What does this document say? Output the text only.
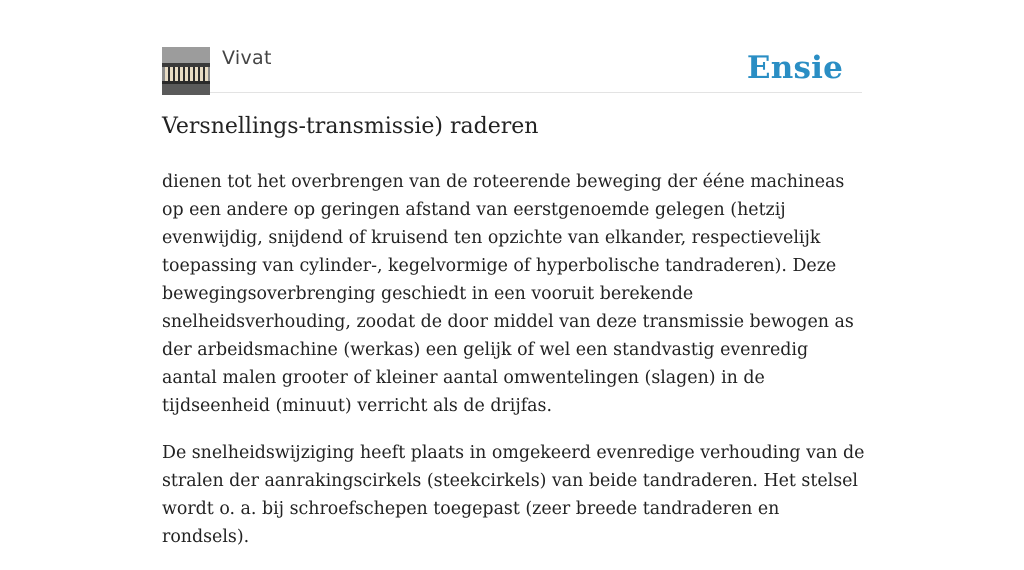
Vivat	Ensie
Versnellings-transmissie) raderen

dienen tot het overbrengen van de roteerende beweging der ééne machineas op een andere op geringen afstand van eerstgenoemde gelegen (hetzij evenwijdig, snijdend of kruisend ten opzichte van elkander, respectievelijk toepassing van cylinder-, kegelvormige of hyperbolische tandraderen). Deze bewegingsoverbrenging geschiedt in een vooruit berekende snelheidsverhouding, zoodat de door middel van deze transmissie bewogen as der arbeidsmachine (werkas) een gelijk of wel een standvastig evenredig aantal malen grooter of kleiner aantal omwentelingen (slagen) in de tijdseenheid (minuut) verricht als de drijfas.

De snelheidswijziging heeft plaats in omgekeerd evenredige verhouding van de stralen der aanrakingscirkels (steekcirkels) van beide tandraderen. Het stelsel wordt o. a. bij schroefschepen toegepast (zeer breede tandraderen en rondsels).
